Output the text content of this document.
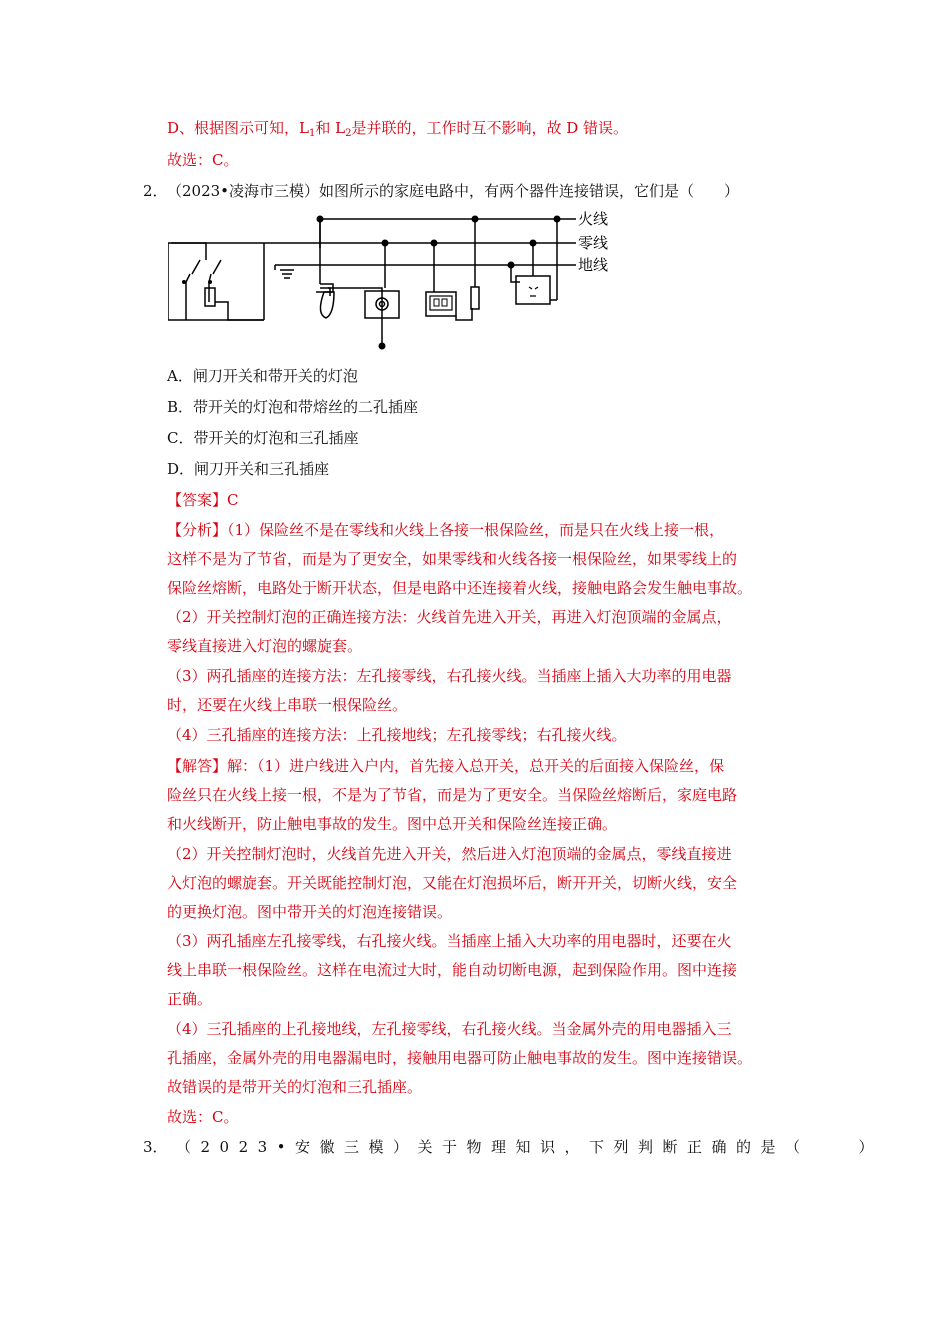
D、根据图示可知，$L_1$和 $L_2$是并联的，工作时互不影响，故 D 错误。
故选：C。
2． （2023•凌海市三模）如图所示的家庭电路中，有两个器件连接错误，它们是（　　）
火线
零线
地线
A．闸刀开关和带开关的灯泡
B．带开关的灯泡和带熔丝的二孔插座
C．带开关的灯泡和三孔插座
D．闸刀开关和三孔插座
【答案】C
【分析】（1）保险丝不是在零线和火线上各接一根保险丝，而是只在火线上接一根，
这样不是为了节省，而是为了更安全，如果零线和火线各接一根保险丝，如果零线上的
保险丝熔断，电路处于断开状态，但是电路中还连接着火线，接触电路会发生触电事故。
（2）开关控制灯泡的正确连接方法：火线首先进入开关，再进入灯泡顶端的金属点，
零线直接进入灯泡的螺旋套。
（3）两孔插座的连接方法：左孔接零线，右孔接火线。当插座上插入大功率的用电器
时，还要在火线上串联一根保险丝。
（4）三孔插座的连接方法：上孔接地线；左孔接零线；右孔接火线。
【解答】解：（1）进户线进入户内，首先接入总开关，总开关的后面接入保险丝，保
险丝只在火线上接一根，不是为了节省，而是为了更安全。当保险丝熔断后，家庭电路
和火线断开，防止触电事故的发生。图中总开关和保险丝连接正确。
（2）开关控制灯泡时，火线首先进入开关，然后进入灯泡顶端的金属点，零线直接进
入灯泡的螺旋套。开关既能控制灯泡，又能在灯泡损坏后，断开开关，切断火线，安全
的更换灯泡。图中带开关的灯泡连接错误。
（3）两孔插座左孔接零线，右孔接火线。当插座上插入大功率的用电器时，还要在火
线上串联一根保险丝。这样在电流过大时，能自动切断电源，起到保险作用。图中连接
正确。
（4）三孔插座的上孔接地线，左孔接零线，右孔接火线。当金属外壳的用电器插入三
孔插座，金属外壳的用电器漏电时，接触用电器可防止触电事故的发生。图中连接错误。
故错误的是带开关的灯泡和三孔插座。
故选：C。
3． （2023•安徽三模）关于物理知识，下列判断正确的是（　　）
